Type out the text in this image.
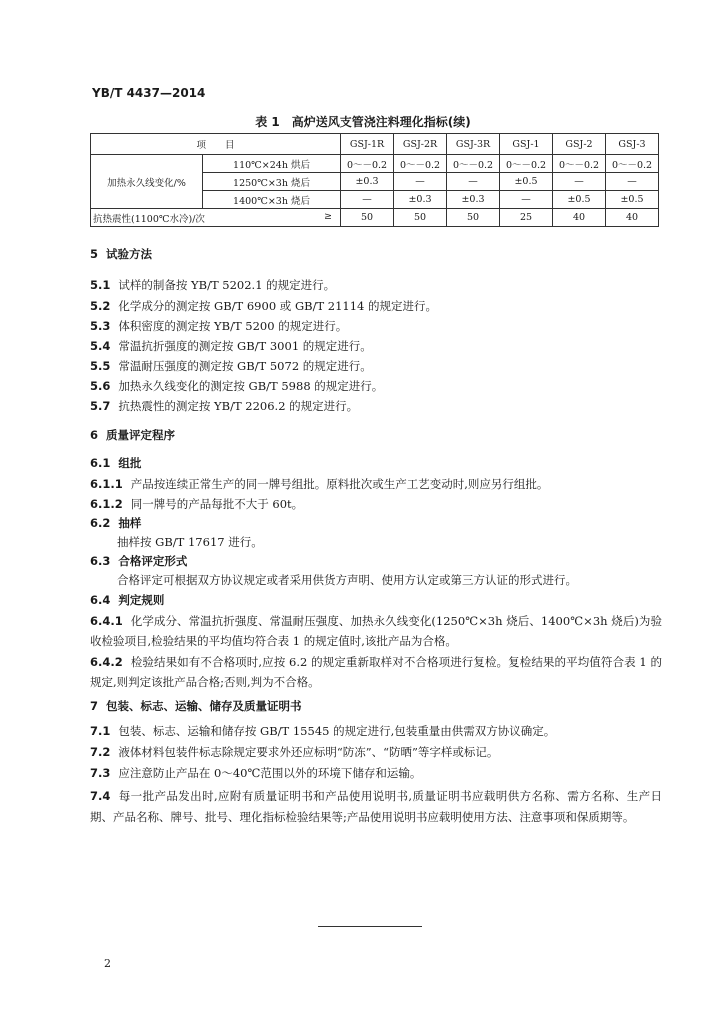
YB/T 4437—2014
表 1　高炉送风支管浇注料理化指标(续)
项　　目		GSJ-1R	GSJ-2R	GSJ-3R	GSJ-1	GSJ-2	GSJ-3
加热永久线变化/%	110℃×24h 烘后	0～－0.2	0～－0.2	0～－0.2	0～－0.2	0～－0.2	0～－0.2
	1250℃×3h 烧后	±0.3	—	—	±0.5	—	—
	1400℃×3h 烧后	—	±0.3	±0.3	—	±0.5	±0.5
抗热震性(1100℃水冷)/次 ≥		50	50	50	25	40	40
5 试验方法
5.1 试样的制备按 YB/T 5202.1 的规定进行。
5.2 化学成分的测定按 GB/T 6900 或 GB/T 21114 的规定进行。
5.3 体积密度的测定按 YB/T 5200 的规定进行。
5.4 常温抗折强度的测定按 GB/T 3001 的规定进行。
5.5 常温耐压强度的测定按 GB/T 5072 的规定进行。
5.6 加热永久线变化的测定按 GB/T 5988 的规定进行。
5.7 抗热震性的测定按 YB/T 2206.2 的规定进行。
6 质量评定程序
6.1 组批
6.1.1 产品按连续正常生产的同一牌号组批。原料批次或生产工艺变动时,则应另行组批。
6.1.2 同一牌号的产品每批不大于 60t。
6.2 抽样
抽样按 GB/T 17617 进行。
6.3 合格评定形式
合格评定可根据双方协议规定或者采用供货方声明、使用方认定或第三方认证的形式进行。
6.4 判定规则
6.4.1 化学成分、常温抗折强度、常温耐压强度、加热永久线变化(1250℃×3h 烧后、1400℃×3h 烧后)为验收检验项目,检验结果的平均值均符合表 1 的规定值时,该批产品为合格。
6.4.2 检验结果如有不合格项时,应按 6.2 的规定重新取样对不合格项进行复检。复检结果的平均值符合表 1 的规定,则判定该批产品合格;否则,判为不合格。
7 包装、标志、运输、储存及质量证明书
7.1 包装、标志、运输和储存按 GB/T 15545 的规定进行,包装重量由供需双方协议确定。
7.2 液体材料包装件标志除规定要求外还应标明“防冻”、“防晒”等字样或标记。
7.3 应注意防止产品在 0～40℃范围以外的环境下储存和运输。
7.4 每一批产品发出时,应附有质量证明书和产品使用说明书,质量证明书应载明供方名称、需方名称、生产日期、产品名称、牌号、批号、理化指标检验结果等;产品使用说明书应载明使用方法、注意事项和保质期等。
2
